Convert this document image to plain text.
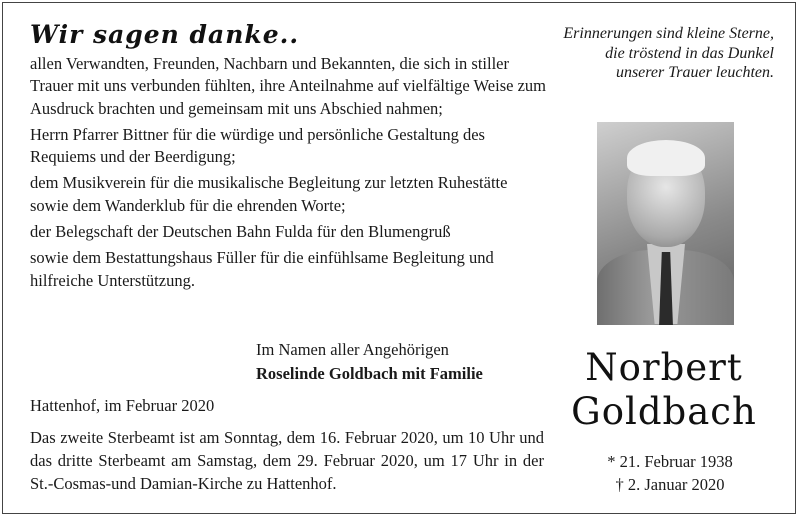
Wir sagen danke..

allen Verwandten, Freunden, Nachbarn und Bekannten, die sich in stiller Trauer mit uns verbunden fühlten, ihre Anteilnahme auf vielfältige Weise zum Ausdruck brachten und gemeinsam mit uns Abschied nahmen;

Herrn Pfarrer Bittner für die würdige und persönliche Gestaltung des Requiems und der Beerdigung;

dem Musikverein für die musikalische Begleitung zur letzten Ruhestätte sowie dem Wanderklub für die ehrenden Worte;

der Belegschaft der Deutschen Bahn Fulda für den Blumengruß

sowie dem Bestattungshaus Füller für die einfühlsame Begleitung und hilfreiche Unterstützung.

Im Namen aller Angehörigen
Roselinde Goldbach mit Familie
Hattenhof, im Februar 2020
Das zweite Sterbeamt ist am Sonntag, dem 16. Februar 2020, um 10 Uhr und das dritte Sterbeamt am Samstag, dem 29. Februar 2020, um 17 Uhr in der St.-Cosmas-und Damian-Kirche zu Hattenhof.
Erinnerungen sind kleine Sterne,
die tröstend in das Dunkel
unserer Trauer leuchten.
Norbert
Goldbach
* 21. Februar 1938
† 2. Januar 2020
